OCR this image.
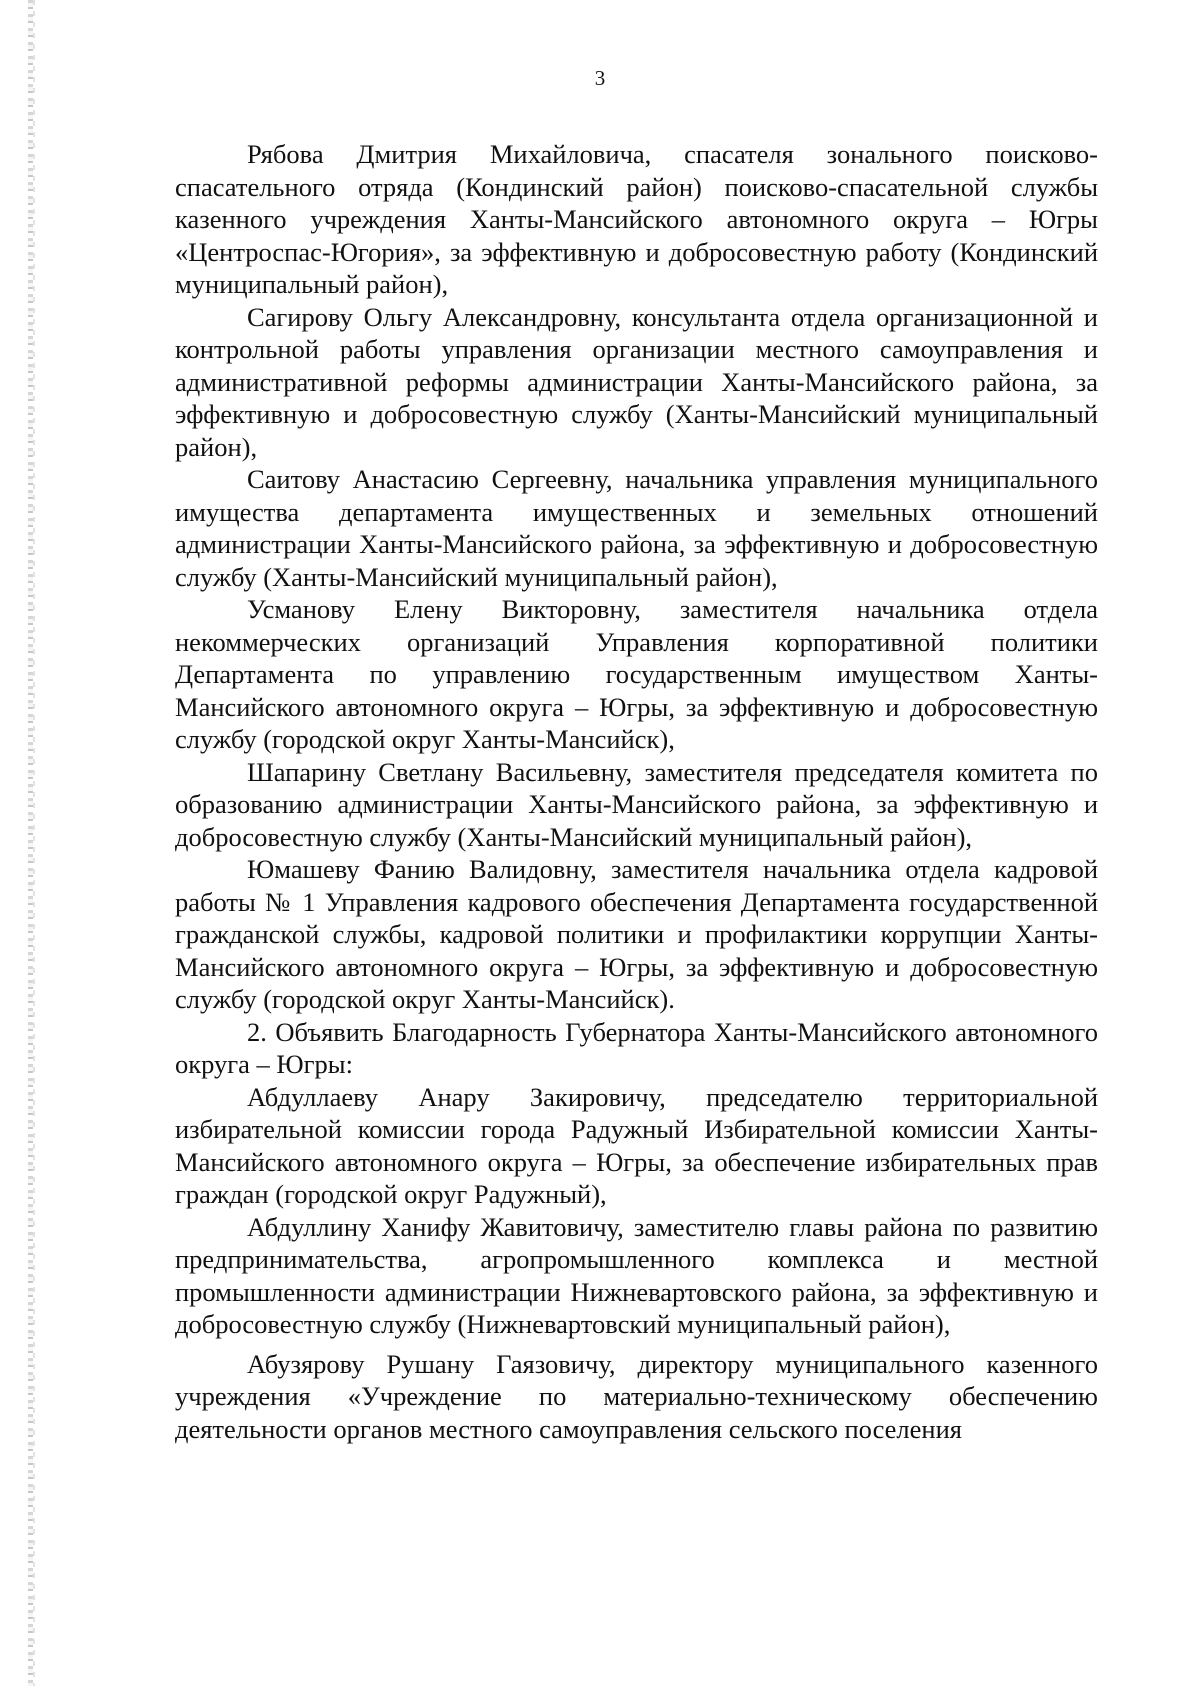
3

Рябова Дмитрия Михайловича, спасателя зонального поисково-спасательного отряда (Кондинский район) поисково-спасательной службы казенного учреждения Ханты-Мансийского автономного округа – Югры «Центроспас-Югория», за эффективную и добросовестную работу (Кондинский муниципальный район),

Сагирову Ольгу Александровну, консультанта отдела организационной и контрольной работы управления организации местного самоуправления и административной реформы администрации Ханты-Мансийского района, за эффективную и добросовестную службу (Ханты-Мансийский муниципальный район),

Саитову Анастасию Сергеевну, начальника управления муниципального имущества департамента имущественных и земельных отношений администрации Ханты-Мансийского района, за эффективную и добросовестную службу (Ханты-Мансийский муниципальный район),

Усманову Елену Викторовну, заместителя начальника отдела некоммерческих организаций Управления корпоративной политики Департамента по управлению государственным имуществом Ханты-Мансийского автономного округа – Югры, за эффективную и добросовестную службу (городской округ Ханты-Мансийск),

Шапарину Светлану Васильевну, заместителя председателя комитета по образованию администрации Ханты-Мансийского района, за эффективную и добросовестную службу (Ханты-Мансийский муниципальный район),

Юмашеву Фанию Валидовну, заместителя начальника отдела кадровой работы № 1 Управления кадрового обеспечения Департамента государственной гражданской службы, кадровой политики и профилактики коррупции Ханты-Мансийского автономного округа – Югры, за эффективную и добросовестную службу (городской округ Ханты-Мансийск).

2. Объявить Благодарность Губернатора Ханты-Мансийского автономного округа – Югры:

Абдуллаеву Анару Закировичу, председателю территориальной избирательной комиссии города Радужный Избирательной комиссии Ханты-Мансийского автономного округа – Югры, за обеспечение избирательных прав граждан (городской округ Радужный),

Абдуллину Ханифу Жавитовичу, заместителю главы района по развитию предпринимательства, агропромышленного комплекса и местной промышленности администрации Нижневартовского района, за эффективную и добросовестную службу (Нижневартовский муниципальный район),

Абузярову Рушану Гаязовичу, директору муниципального казенного учреждения «Учреждение по материально-техническому обеспечению деятельности органов местного самоуправления сельского поселения
